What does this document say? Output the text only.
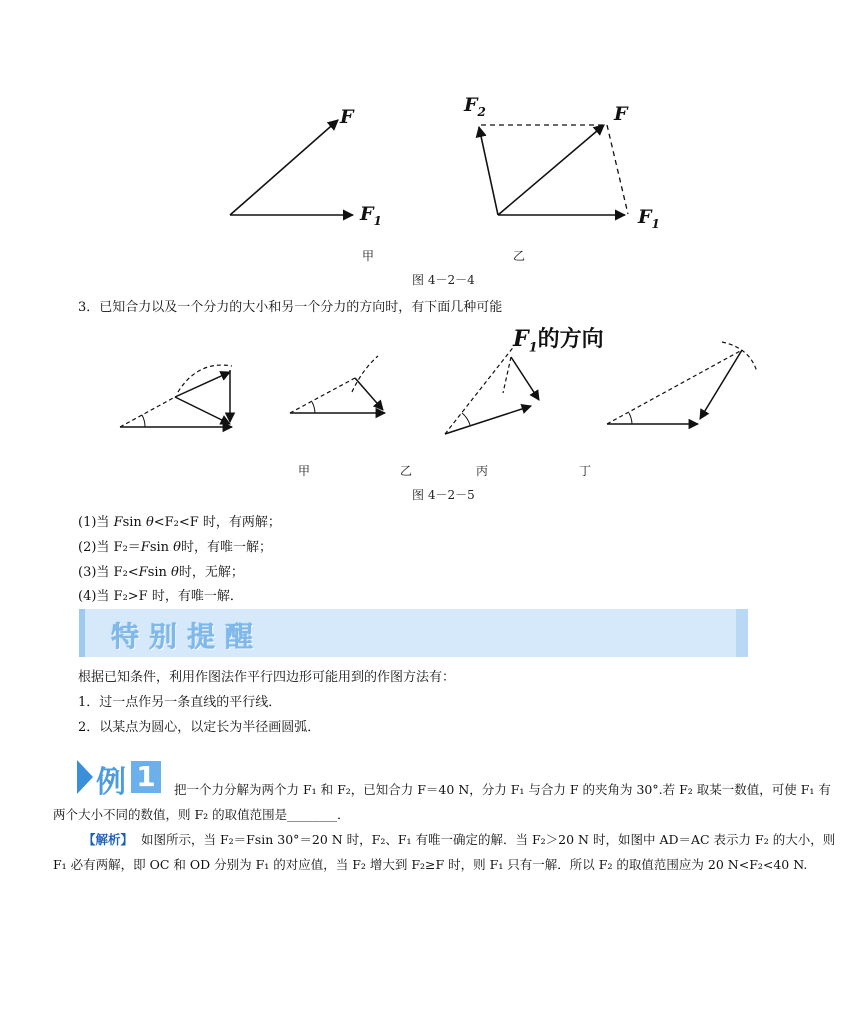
F
$F_1$
$F_2$	F
$F_1$
甲	乙
图 4－2－4
3．已知合力以及一个分力的大小和另一个分力的方向时，有下面几种可能
$F_1$的方向
甲	乙	丙	丁
图 4－2－5
(1)当 Fsin θ<F₂<F 时，有两解；
(2)当 F₂＝Fsin θ时，有唯一解；
(3)当 F₂<Fsin θ时，无解；
(4)当 F₂>F 时，有唯一解．
特别提醒
根据已知条件，利用作图法作平行四边形可能用到的作图方法有：
1．过一点作另一条直线的平行线．
2．以某点为圆心，以定长为半径画圆弧．
例 1	把一个力分解为两个力 F₁ 和 F₂，已知合力 F＝40 N，分力 F₁ 与合力 F 的夹角为 30°.若 F₂ 取某一数值，可使 F₁ 有
两个大小不同的数值，则 F₂ 的取值范围是________．
【解析】 如图所示，当 F₂＝Fsin 30°＝20 N 时，F₂、F₁ 有唯一确定的解．当 F₂＞20 N 时，如图中 AD＝AC 表示力 F₂ 的大小，则
F₁ 必有两解，即 OC 和 OD 分别为 F₁ 的对应值，当 F₂ 增大到 F₂≥F 时，则 F₁ 只有一解．所以 F₂ 的取值范围应为 20 N<F₂<40 N.
